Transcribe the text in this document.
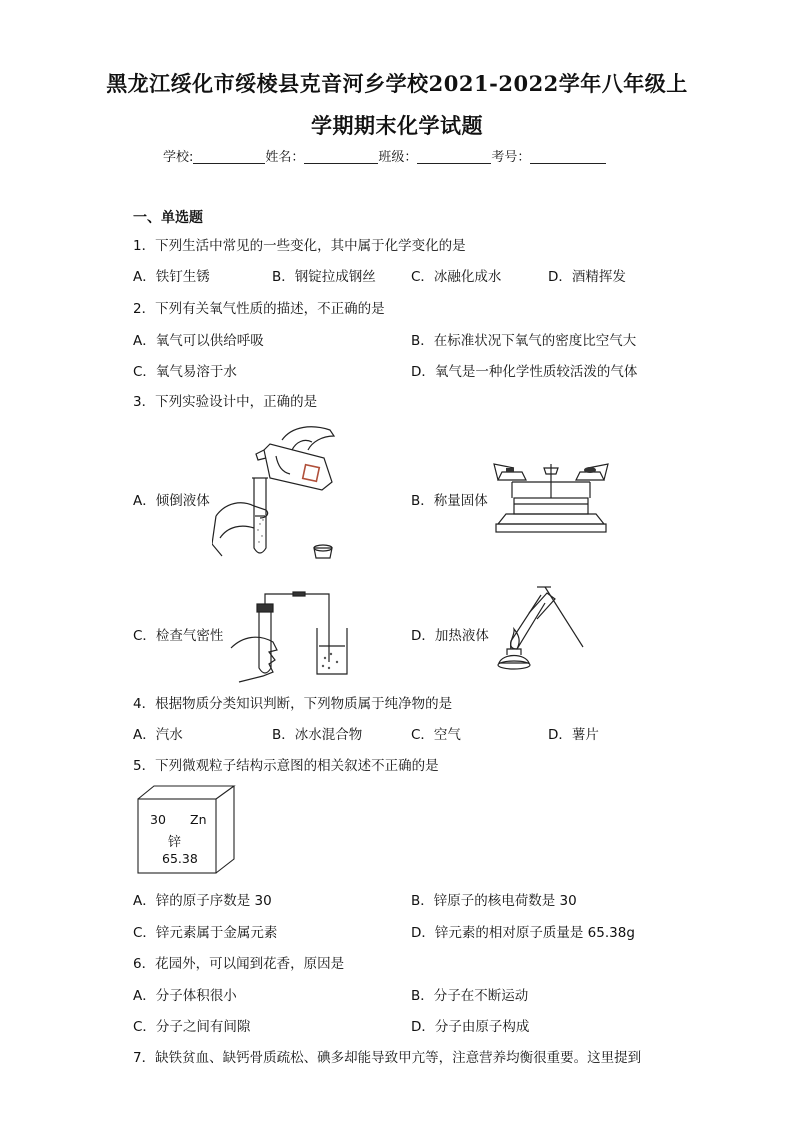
黑龙江绥化市绥棱县克音河乡学校2021-2022学年八年级上
学期期末化学试题
学校:	姓名：	班级：	考号：
一、单选题
1．下列生活中常见的一些变化，其中属于化学变化的是
A．铁钉生锈	B．钢锭拉成钢丝	C．冰融化成水	D．酒精挥发
2．下列有关氧气性质的描述，不正确的是
A．氧气可以供给呼吸	B．在标准状况下氧气的密度比空气大
C．氧气易溶于水	D．氧气是一种化学性质较活泼的气体
3．下列实验设计中，正确的是
A．倾倒液体	B．称量固体
C．检查气密性	D．加热液体
4．根据物质分类知识判断，下列物质属于纯净物的是
A．汽水	B．冰水混合物	C．空气	D．薯片
5．下列微观粒子结构示意图的相关叙述不正确的是
30 Zn
锌
65.38
A．锌的原子序数是 30	B．锌原子的核电荷数是 30
C．锌元素属于金属元素	D．锌元素的相对原子质量是 65.38g
6．花园外，可以闻到花香，原因是
A．分子体积很小	B．分子在不断运动
C．分子之间有间隙	D．分子由原子构成
7．缺铁贫血、缺钙骨质疏松、碘多却能导致甲亢等，注意营养均衡很重要。这里提到
